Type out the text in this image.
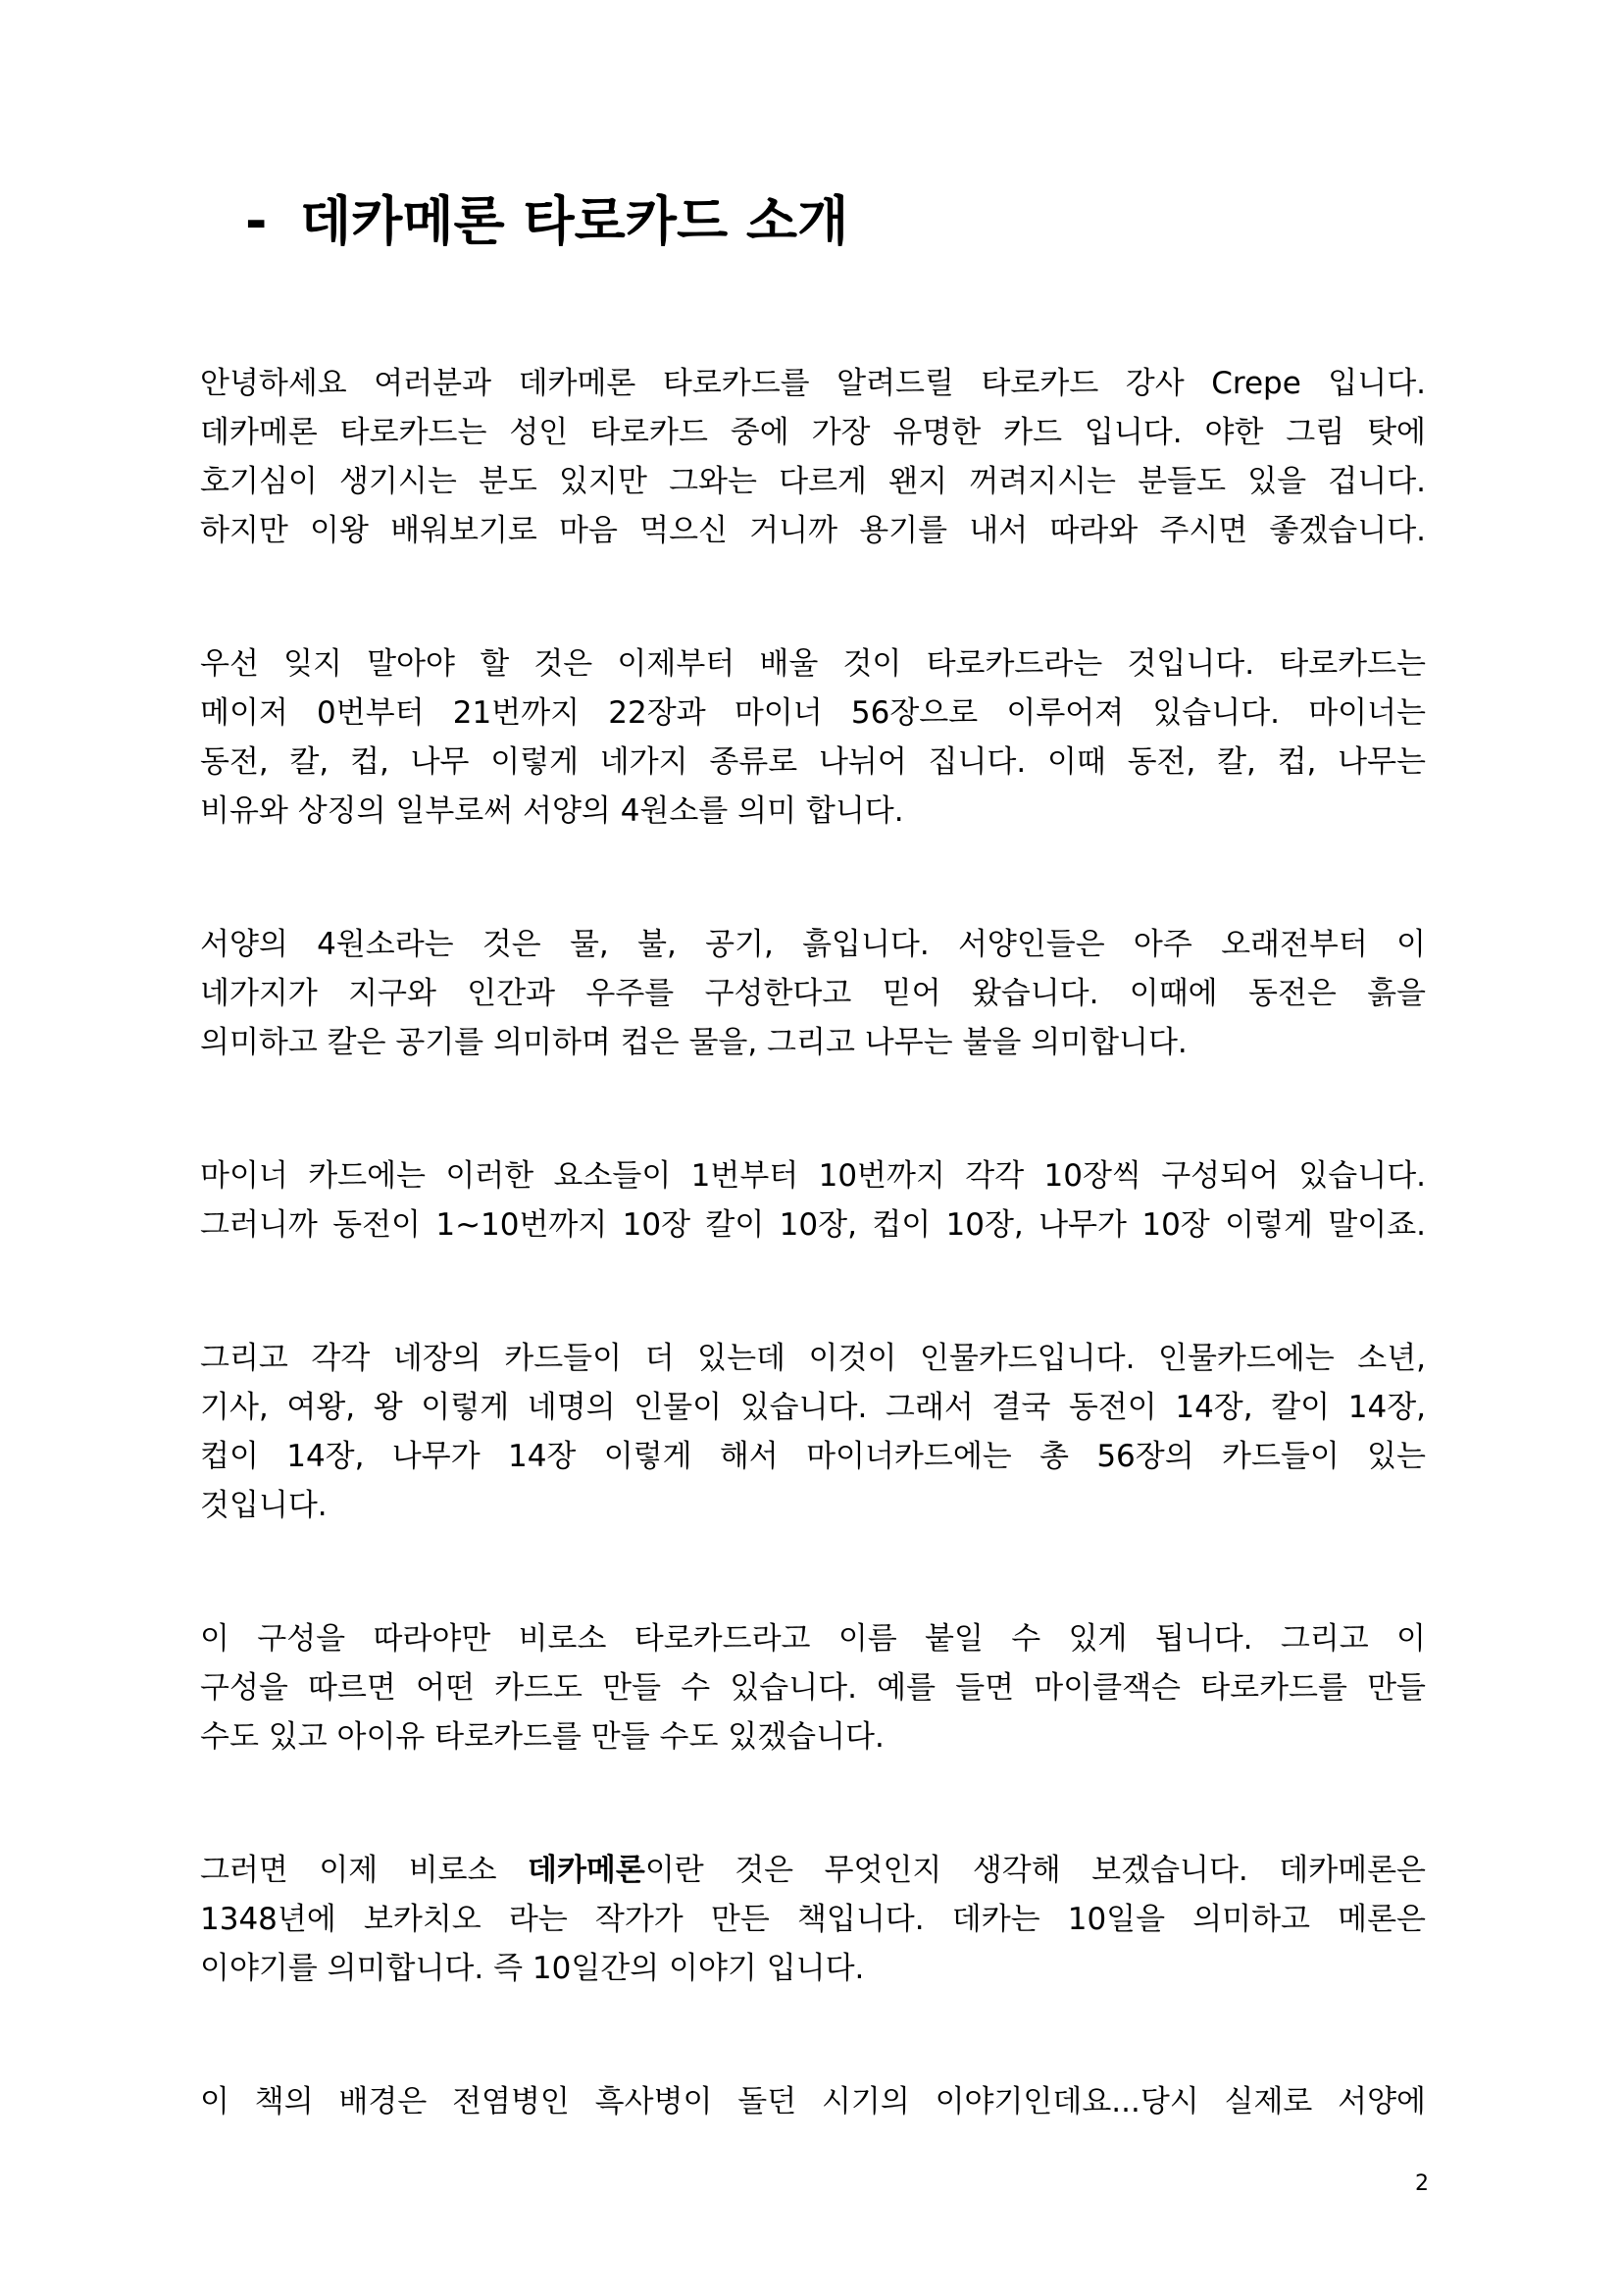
- 데카메론 타로카드 소개
안녕하세요 여러분과 데카메론 타로카드를 알려드릴 타로카드 강사 Crepe 입니다.
데카메론 타로카드는 성인 타로카드 중에 가장 유명한 카드 입니다. 야한 그림 탓에
호기심이 생기시는 분도 있지만 그와는 다르게 왠지 꺼려지시는 분들도 있을 겁니다.
하지만 이왕 배워보기로 마음 먹으신 거니까 용기를 내서 따라와 주시면 좋겠습니다.
우선 잊지 말아야 할 것은 이제부터 배울 것이 타로카드라는 것입니다. 타로카드는
메이저 0번부터 21번까지 22장과 마이너 56장으로 이루어져 있습니다. 마이너는
동전, 칼, 컵, 나무 이렇게 네가지 종류로 나뉘어 집니다. 이때 동전, 칼, 컵, 나무는
비유와 상징의 일부로써 서양의 4원소를 의미 합니다.
서양의 4원소라는 것은 물, 불, 공기, 흙입니다. 서양인들은 아주 오래전부터 이
네가지가 지구와 인간과 우주를 구성한다고 믿어 왔습니다. 이때에 동전은 흙을
의미하고 칼은 공기를 의미하며 컵은 물을, 그리고 나무는 불을 의미합니다.
마이너 카드에는 이러한 요소들이 1번부터 10번까지 각각 10장씩 구성되어 있습니다.
그러니까 동전이 1~10번까지 10장 칼이 10장, 컵이 10장, 나무가 10장 이렇게 말이죠.
그리고 각각 네장의 카드들이 더 있는데 이것이 인물카드입니다. 인물카드에는 소년,
기사, 여왕, 왕 이렇게 네명의 인물이 있습니다. 그래서 결국 동전이 14장, 칼이 14장,
컵이 14장, 나무가 14장 이렇게 해서 마이너카드에는 총 56장의 카드들이 있는
것입니다.
이 구성을 따라야만 비로소 타로카드라고 이름 붙일 수 있게 됩니다. 그리고 이
구성을 따르면 어떤 카드도 만들 수 있습니다. 예를 들면 마이클잭슨 타로카드를 만들
수도 있고 아이유 타로카드를 만들 수도 있겠습니다.
그러면 이제 비로소 데카메론이란 것은 무엇인지 생각해 보겠습니다. 데카메론은
1348년에 보카치오 라는 작가가 만든 책입니다. 데카는 10일을 의미하고 메론은
이야기를 의미합니다. 즉 10일간의 이야기 입니다.
이 책의 배경은 전염병인 흑사병이 돌던 시기의 이야기인데요...당시 실제로 서양에
2
